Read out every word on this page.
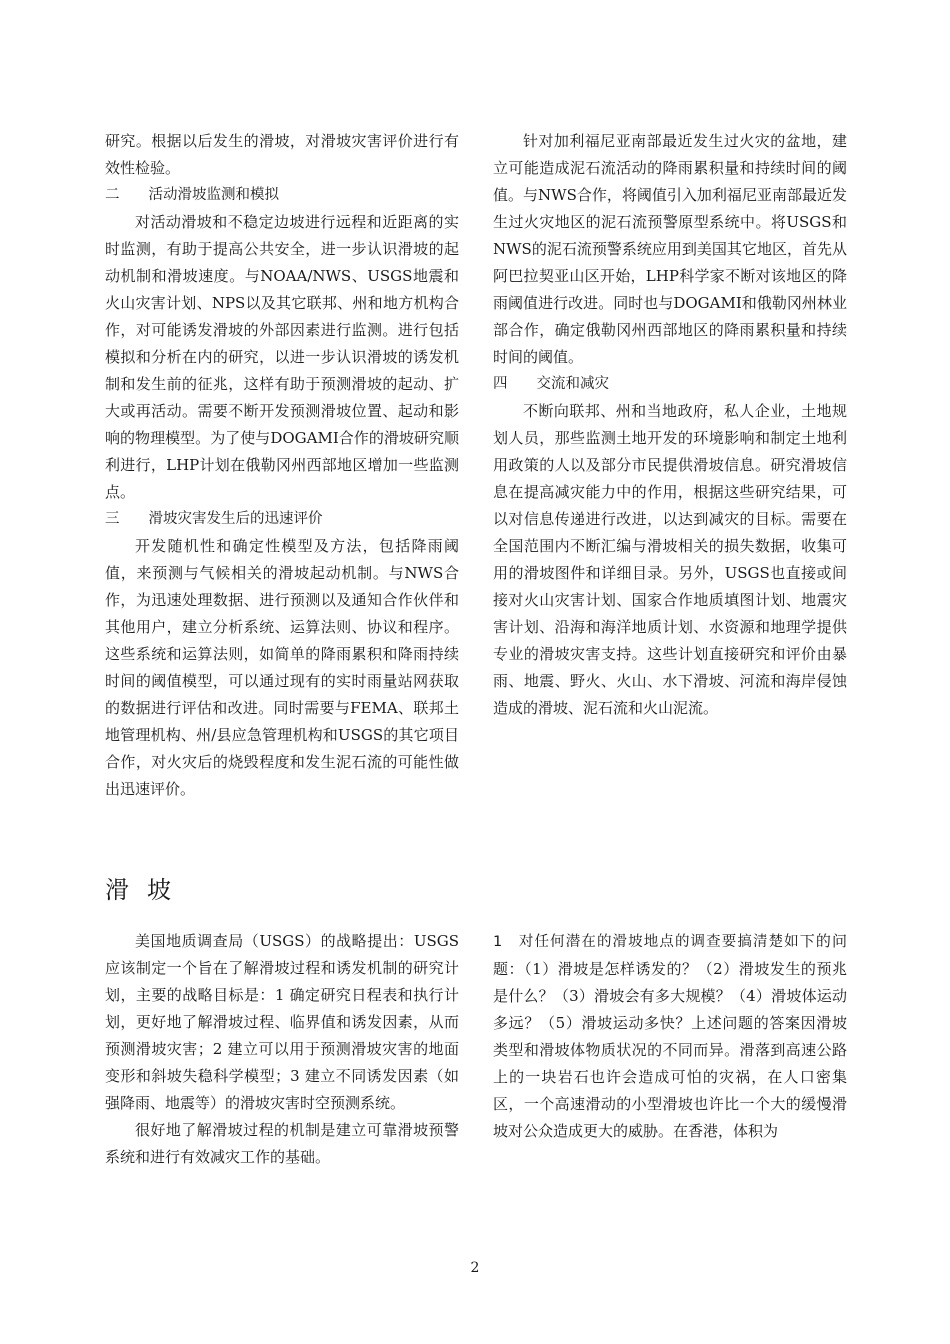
研究。根据以后发生的滑坡，对滑坡灾害评价进行有效性检验。

二 活动滑坡监测和模拟

对活动滑坡和不稳定边坡进行远程和近距离的实时监测，有助于提高公共安全，进一步认识滑坡的起动机制和滑坡速度。与NOAA/NWS、USGS地震和火山灾害计划、NPS以及其它联邦、州和地方机构合作，对可能诱发滑坡的外部因素进行监测。进行包括模拟和分析在内的研究，以进一步认识滑坡的诱发机制和发生前的征兆，这样有助于预测滑坡的起动、扩大或再活动。需要不断开发预测滑坡位置、起动和影响的物理模型。为了使与DOGAMI合作的滑坡研究顺利进行，LHP计划在俄勒冈州西部地区增加一些监测点。

三 滑坡灾害发生后的迅速评价

开发随机性和确定性模型及方法，包括降雨阈值，来预测与气候相关的滑坡起动机制。与NWS合作，为迅速处理数据、进行预测以及通知合作伙伴和其他用户，建立分析系统、运算法则、协议和程序。这些系统和运算法则，如简单的降雨累积和降雨持续时间的阈值模型，可以通过现有的实时雨量站网获取的数据进行评估和改进。同时需要与FEMA、联邦土地管理机构、州/县应急管理机构和USGS的其它项目合作，对火灾后的烧毁程度和发生泥石流的可能性做出迅速评价。

针对加利福尼亚南部最近发生过火灾的盆地，建立可能造成泥石流活动的降雨累积量和持续时间的阈值。与NWS合作，将阈值引入加利福尼亚南部最近发生过火灾地区的泥石流预警原型系统中。将USGS和NWS的泥石流预警系统应用到美国其它地区，首先从阿巴拉契亚山区开始，LHP科学家不断对该地区的降雨阈值进行改进。同时也与DOGAMI和俄勒冈州林业部合作，确定俄勒冈州西部地区的降雨累积量和持续时间的阈值。

四 交流和减灾

不断向联邦、州和当地政府，私人企业，土地规划人员，那些监测土地开发的环境影响和制定土地利用政策的人以及部分市民提供滑坡信息。研究滑坡信息在提高减灾能力中的作用，根据这些研究结果，可以对信息传递进行改进，以达到减灾的目标。需要在全国范围内不断汇编与滑坡相关的损失数据，收集可用的滑坡图件和详细目录。另外，USGS也直接或间接对火山灾害计划、国家合作地质填图计划、地震灾害计划、沿海和海洋地质计划、水资源和地理学提供专业的滑坡灾害支持。这些计划直接研究和评价由暴雨、地震、野火、火山、水下滑坡、河流和海岸侵蚀造成的滑坡、泥石流和火山泥流。

滑坡

美国地质调查局（USGS）的战略提出：USGS应该制定一个旨在了解滑坡过程和诱发机制的研究计划，主要的战略目标是：1 确定研究日程表和执行计划，更好地了解滑坡过程、临界值和诱发因素，从而预测滑坡灾害；2 建立可以用于预测滑坡灾害的地面变形和斜坡失稳科学模型；3 建立不同诱发因素（如强降雨、地震等）的滑坡灾害时空预测系统。

很好地了解滑坡过程的机制是建立可靠滑坡预警系统和进行有效减灾工作的基础。

1　对任何潜在的滑坡地点的调查要搞清楚如下的问题：（1）滑坡是怎样诱发的？（2）滑坡发生的预兆是什么？（3）滑坡会有多大规模？（4）滑坡体运动多远？（5）滑坡运动多快？上述问题的答案因滑坡类型和滑坡体物质状况的不同而异。滑落到高速公路上的一块岩石也许会造成可怕的灾祸，在人口密集区，一个高速滑动的小型滑坡也许比一个大的缓慢滑坡对公众造成更大的威胁。在香港，体积为

2
